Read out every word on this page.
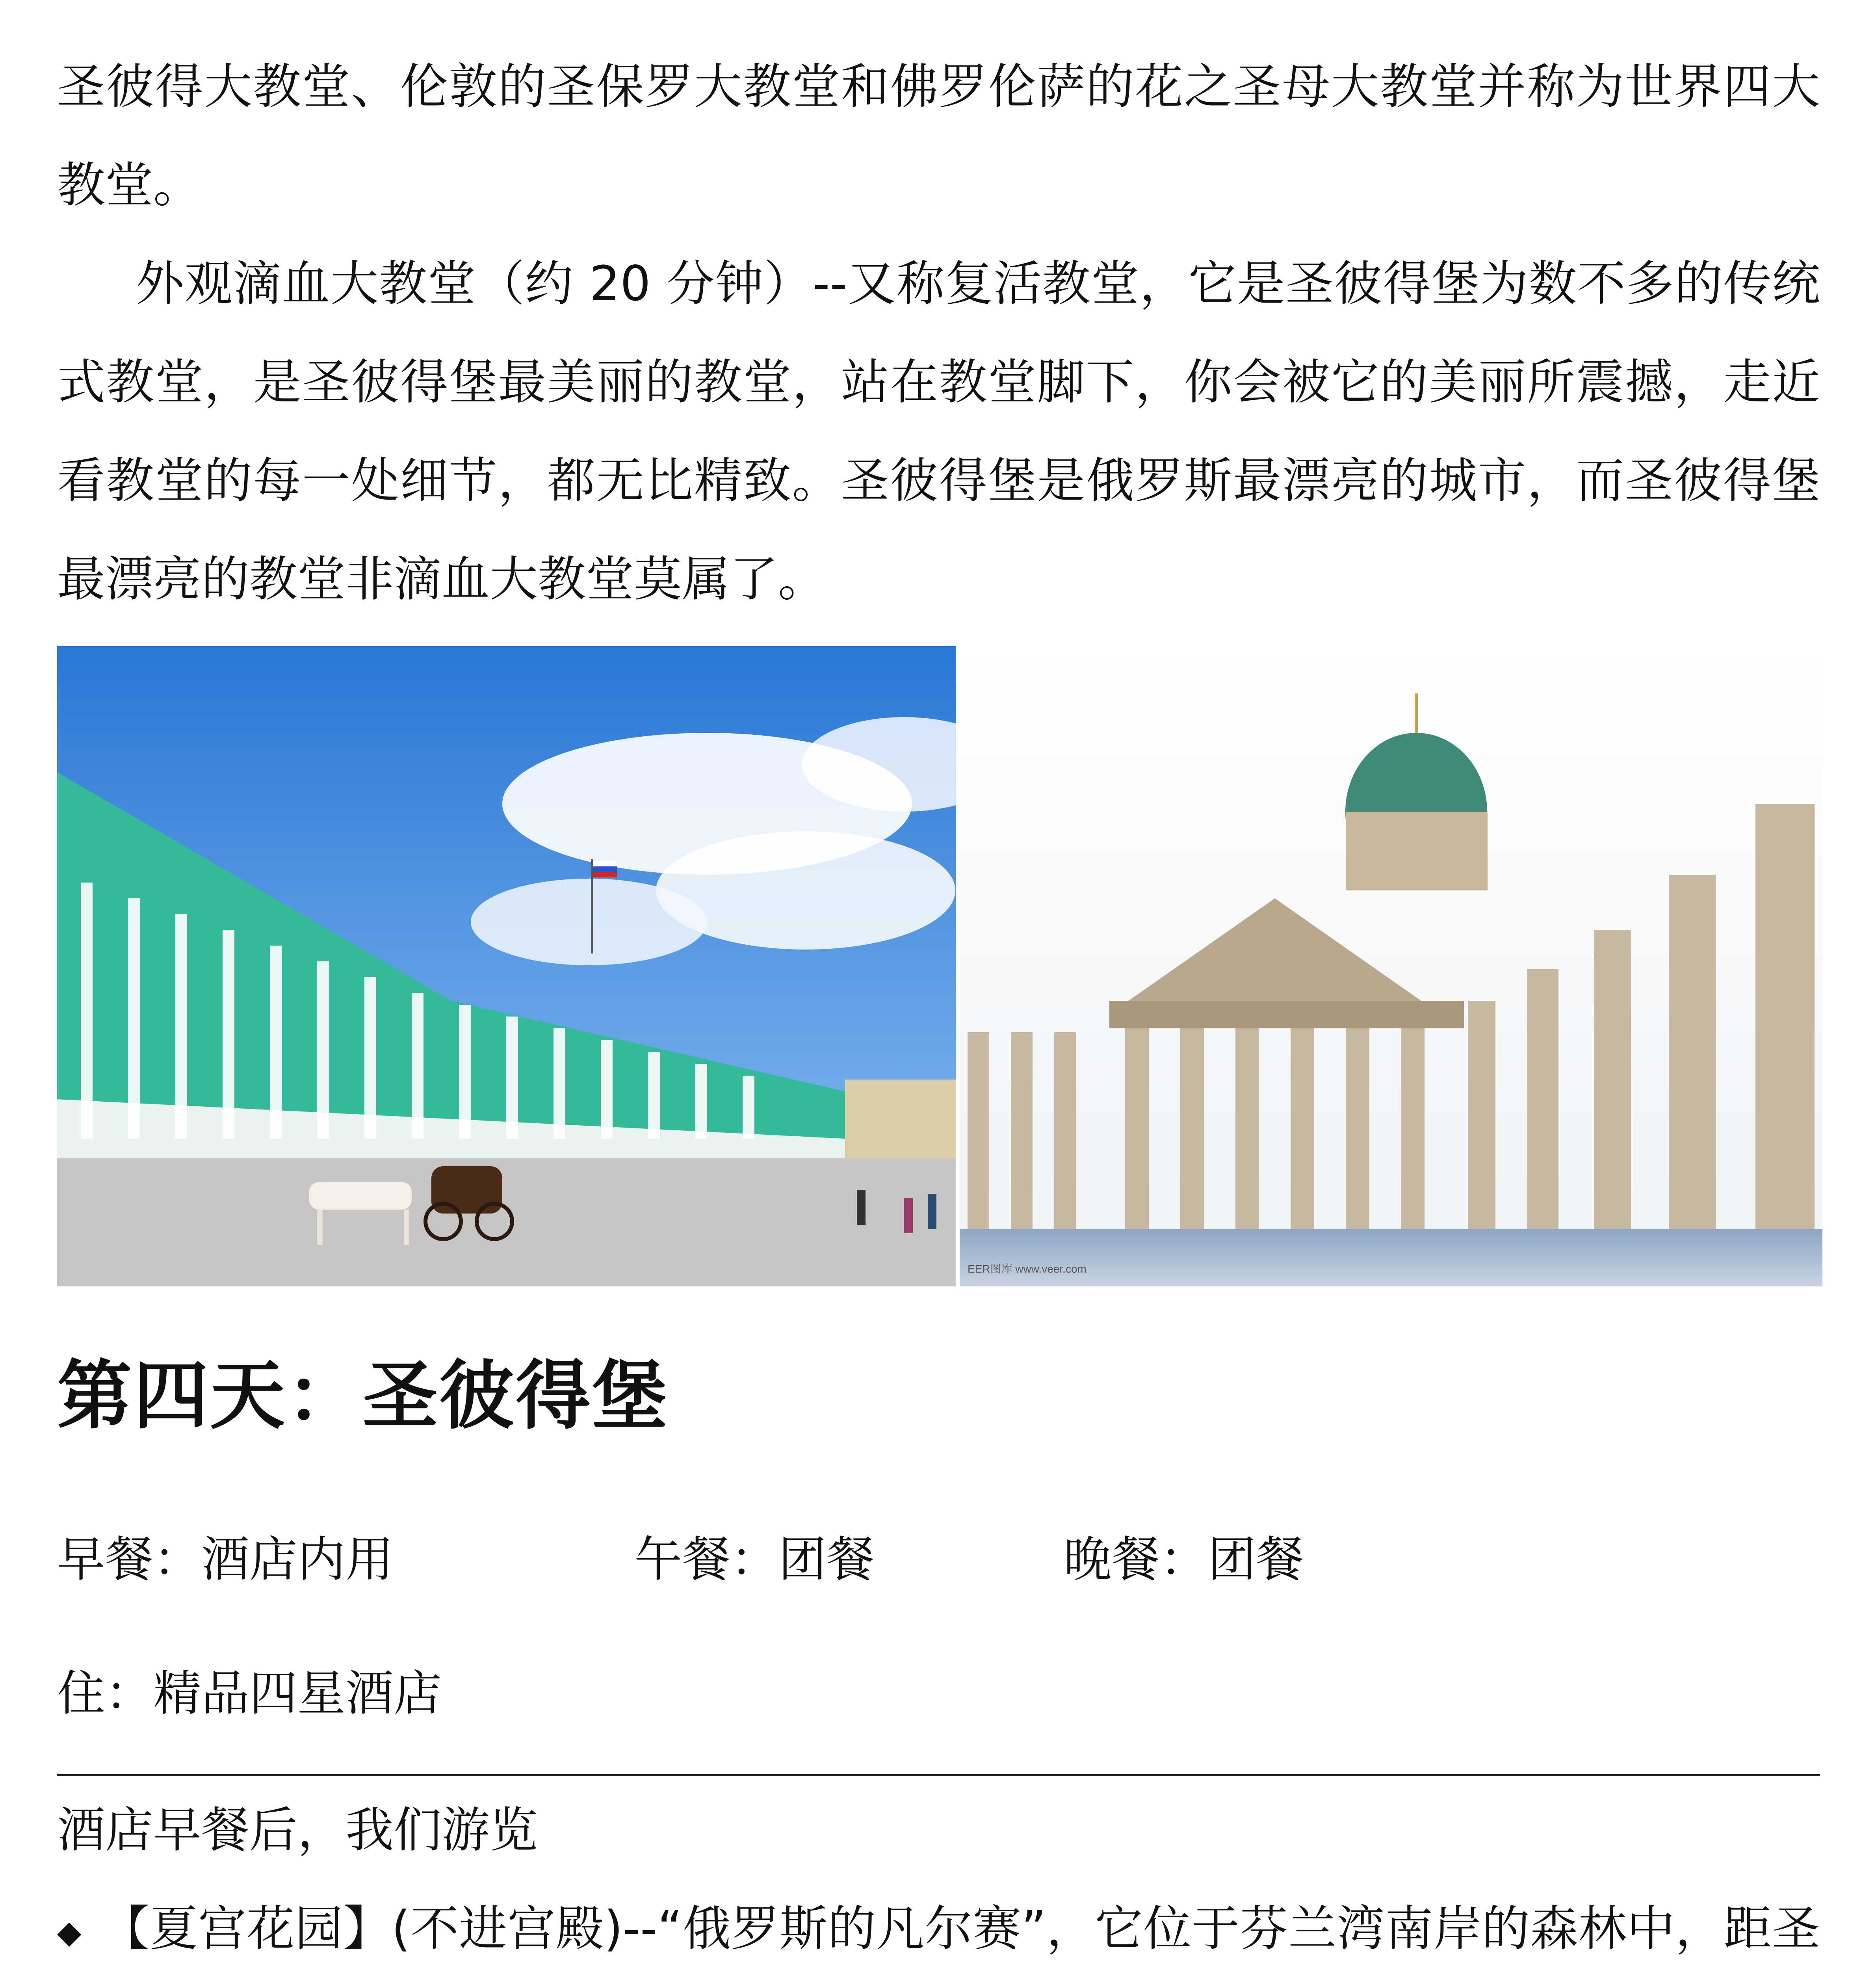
圣彼得大教堂、伦敦的圣保罗大教堂和佛罗伦萨的花之圣母大教堂并称为世界四大教堂。

外观滴血大教堂（约 20 分钟）--又称复活教堂，它是圣彼得堡为数不多的传统式教堂，是圣彼得堡最美丽的教堂，站在教堂脚下，你会被它的美丽所震撼，走近看教堂的每一处细节，都无比精致。圣彼得堡是俄罗斯最漂亮的城市，而圣彼得堡最漂亮的教堂非滴血大教堂莫属了。

EER图库 www.veer.com
第四天：圣彼得堡
早餐：酒店内用	午餐：团餐	晚餐：团餐
住：精品四星酒店

酒店早餐后，我们游览

◆ 【夏宫花园】(不进宫殿)--“俄罗斯的凡尔赛”，它位于芬兰湾南岸的森林中，距圣
